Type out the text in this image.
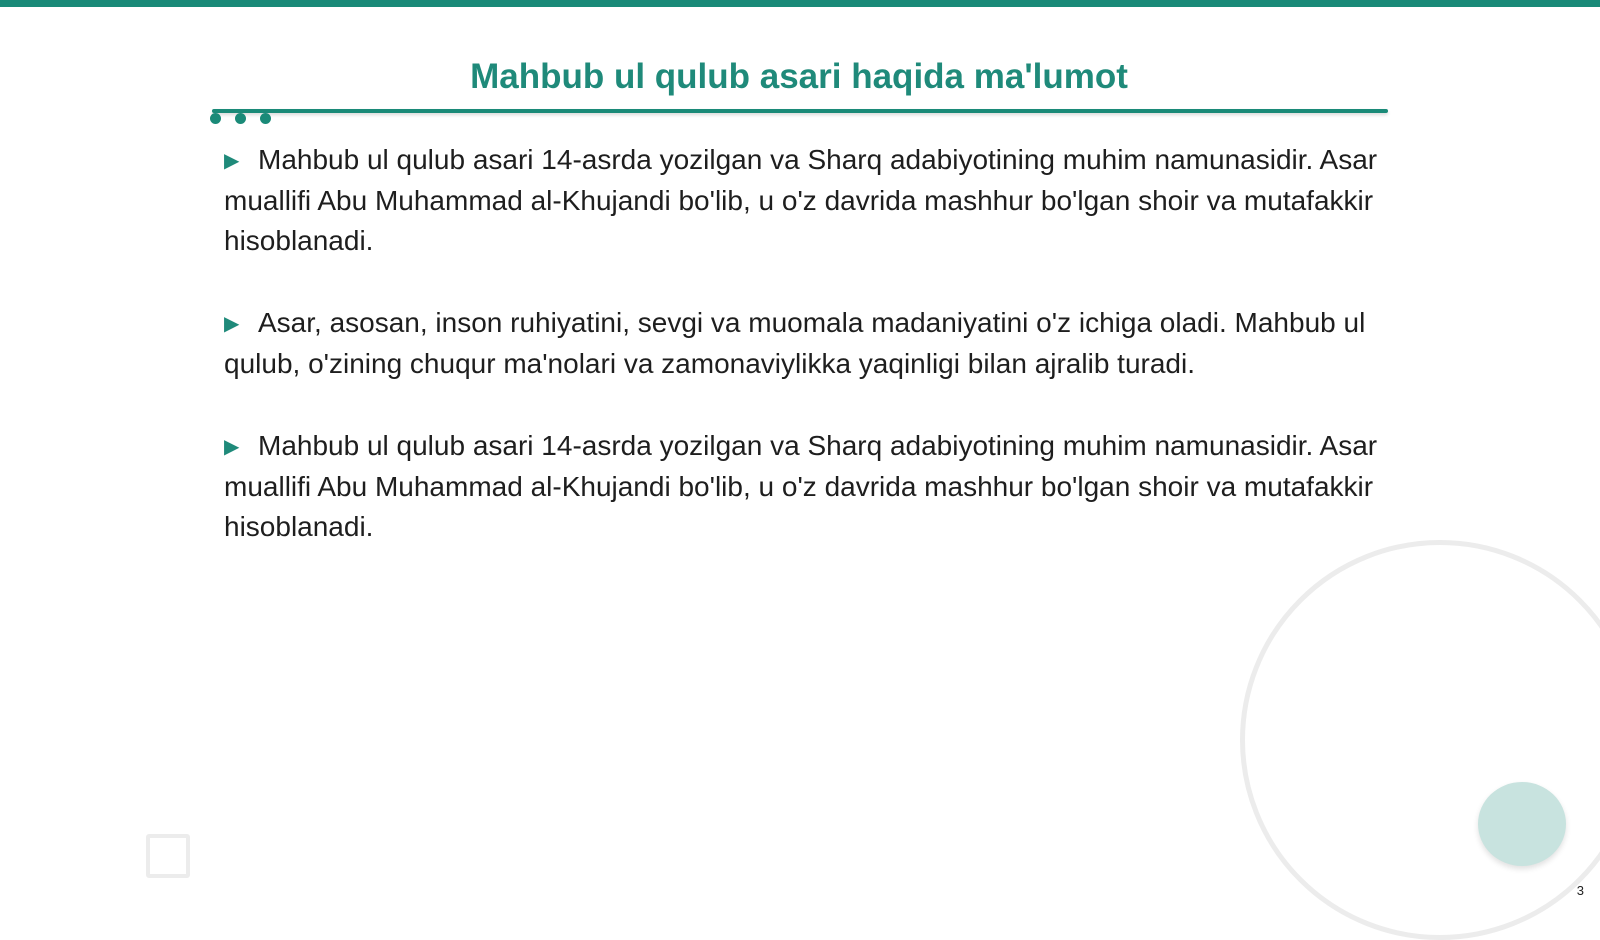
Mahbub ul qulub asari haqida ma'lumot

▶ Mahbub ul qulub asari 14-asrda yozilgan va Sharq adabiyotining muhim namunasidir. Asar muallifi Abu Muhammad al-Khujandi bo'lib, u o'z davrida mashhur bo'lgan shoir va mutafakkir hisoblanadi.

▶ Asar, asosan, inson ruhiyatini, sevgi va muomala madaniyatini o'z ichiga oladi. Mahbub ul qulub, o'zining chuqur ma'nolari va zamonaviylikka yaqinligi bilan ajralib turadi.

▶ Mahbub ul qulub asari 14-asrda yozilgan va Sharq adabiyotining muhim namunasidir. Asar muallifi Abu Muhammad al-Khujandi bo'lib, u o'z davrida mashhur bo'lgan shoir va mutafakkir hisoblanadi.

3
